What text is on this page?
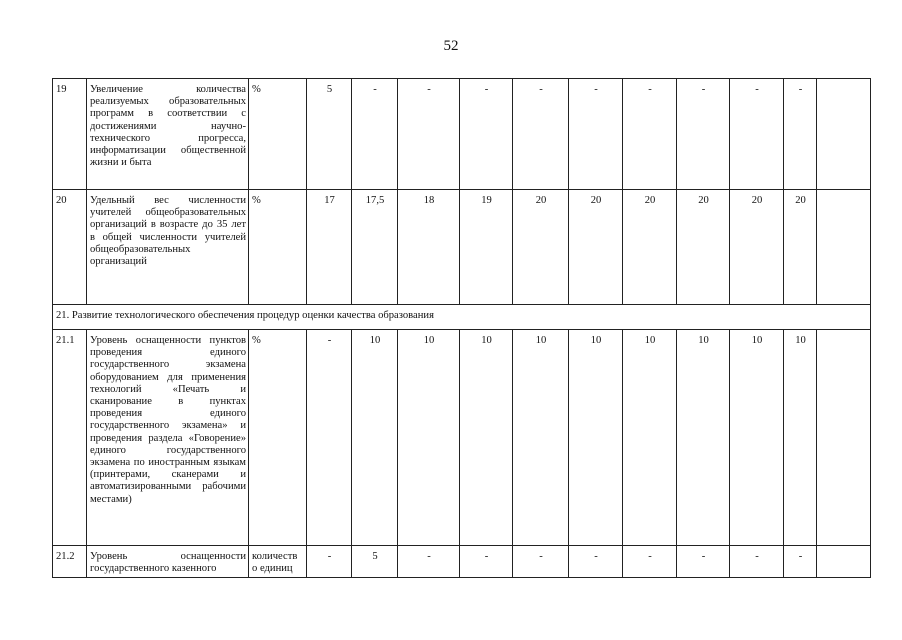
52
19	Увеличение количества реализуемых образовательных программ в соответствии с достижениями научно-технического прогресса, информатизации общественной жизни и быта	%	5	-	-	-	-	-	-	-	-	-	
20	Удельный вес численности учителей общеобразовательных организаций в возрасте до 35 лет в общей численности учителей общеобразовательных организаций	%	17	17,5	18	19	20	20	20	20	20	20	
21. Развитие технологического обеспечения процедур оценки качества образования													
21.1	Уровень оснащенности пунктов проведения единого государственного экзамена оборудованием для применения технологий «Печать и сканирование в пунктах проведения единого государственного экзамена» и проведения раздела «Говорение» единого государственного экзамена по иностранным языкам (принтерами, сканерами и автоматизированными рабочими местами)	%	-	10	10	10	10	10	10	10	10	10	
21.2	Уровень оснащенности государственного казенного	количеств о единиц	-	5	-	-	-	-	-	-	-	-	
